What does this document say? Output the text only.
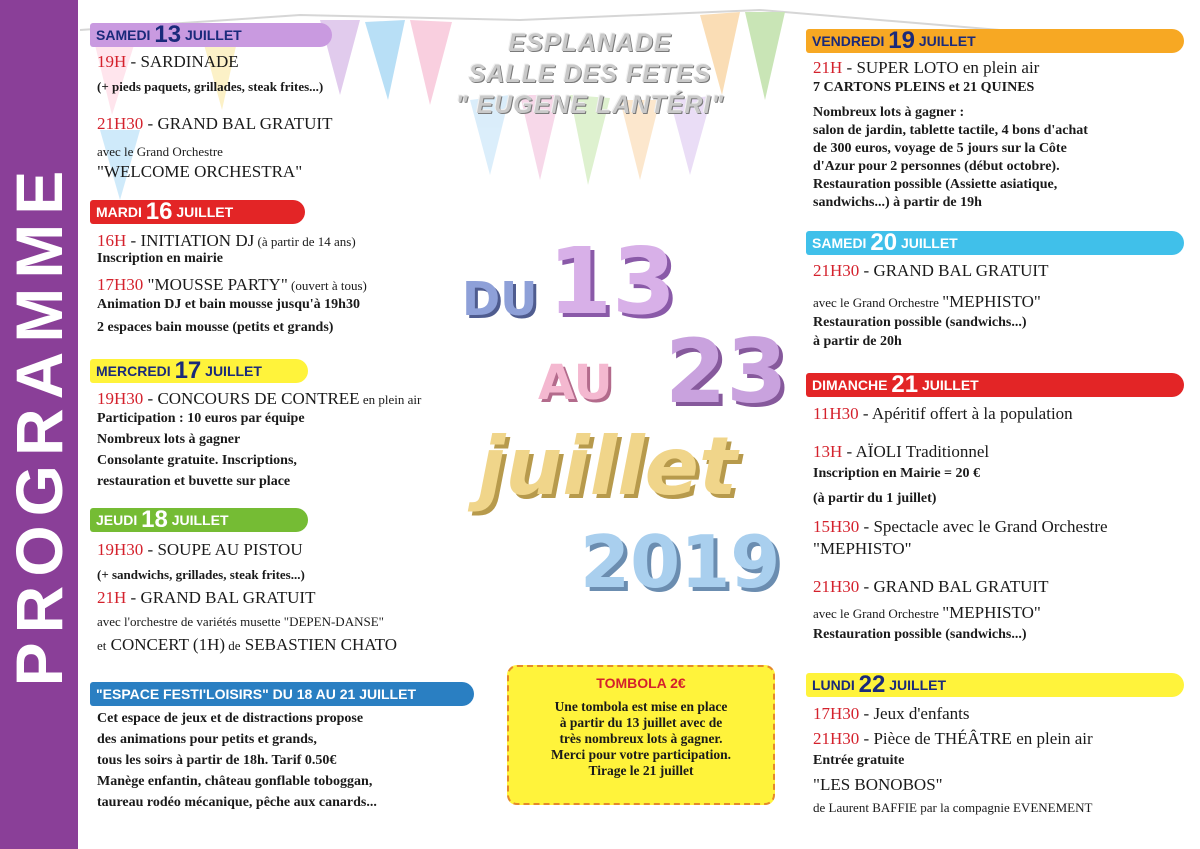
PROGRAMME
ESPLANADE
SALLE DES FETES
" EUGENE LANTÉRI"
DU 13
AU 23
juillet
2019
SAMEDI 13 JUILLET
19H - SARDINADE
(+ pieds paquets, grillades, steak frites...)
21H30 - GRAND BAL GRATUIT
avec le Grand Orchestre
"WELCOME ORCHESTRA"
MARDI 16 JUILLET
16H - INITIATION DJ (à partir de 14 ans)
Inscription en mairie
17H30 "MOUSSE PARTY" (ouvert à tous)
Animation DJ et bain mousse jusqu'à 19h30
2 espaces bain mousse (petits et grands)
MERCREDI 17 JUILLET
19H30 - CONCOURS DE CONTREE en plein air
Participation : 10 euros par équipe
Nombreux lots à gagner
Consolante gratuite. Inscriptions,
restauration et buvette sur place
JEUDI 18 JUILLET
19H30 - SOUPE AU PISTOU
(+ sandwichs, grillades, steak frites...)
21H - GRAND BAL GRATUIT
avec l'orchestre de variétés musette "DEPEN-DANSE"
et CONCERT (1H) de SEBASTIEN CHATO
"ESPACE FESTI'LOISIRS" DU 18 AU 21 JUILLET
Cet espace de jeux et de distractions propose
des animations pour petits et grands,
tous les soirs à partir de 18h. Tarif 0.50€
Manège enfantin, château gonflable toboggan,
taureau rodéo mécanique, pêche aux canards...
TOMBOLA 2€
Une tombola est mise en place
à partir du 13 juillet avec de
très nombreux lots à gagner.
Merci pour votre participation.
Tirage le 21 juillet
VENDREDI 19 JUILLET
21H - SUPER LOTO en plein air
7 CARTONS PLEINS et 21 QUINES
Nombreux lots à gagner :
salon de jardin, tablette tactile, 4 bons d'achat
de 300 euros, voyage de 5 jours sur la Côte
d'Azur pour 2 personnes (début octobre).
Restauration possible (Assiette asiatique,
sandwichs...) à partir de 19h
SAMEDI 20 JUILLET
21H30 - GRAND BAL GRATUIT
avec le Grand Orchestre "MEPHISTO"
Restauration possible (sandwichs...)
à partir de 20h
DIMANCHE 21 JUILLET
11H30 - Apéritif offert à la population
13H - AÏOLI Traditionnel
Inscription en Mairie = 20 €
(à partir du 1 juillet)
15H30 - Spectacle avec le Grand Orchestre
"MEPHISTO"
21H30 - GRAND BAL GRATUIT
avec le Grand Orchestre "MEPHISTO"
Restauration possible (sandwichs...)
LUNDI 22 JUILLET
17H30 - Jeux d'enfants
21H30 - Pièce de THÉÂTRE en plein air
Entrée gratuite
"LES BONOBOS"
de Laurent BAFFIE par la compagnie EVENEMENT
